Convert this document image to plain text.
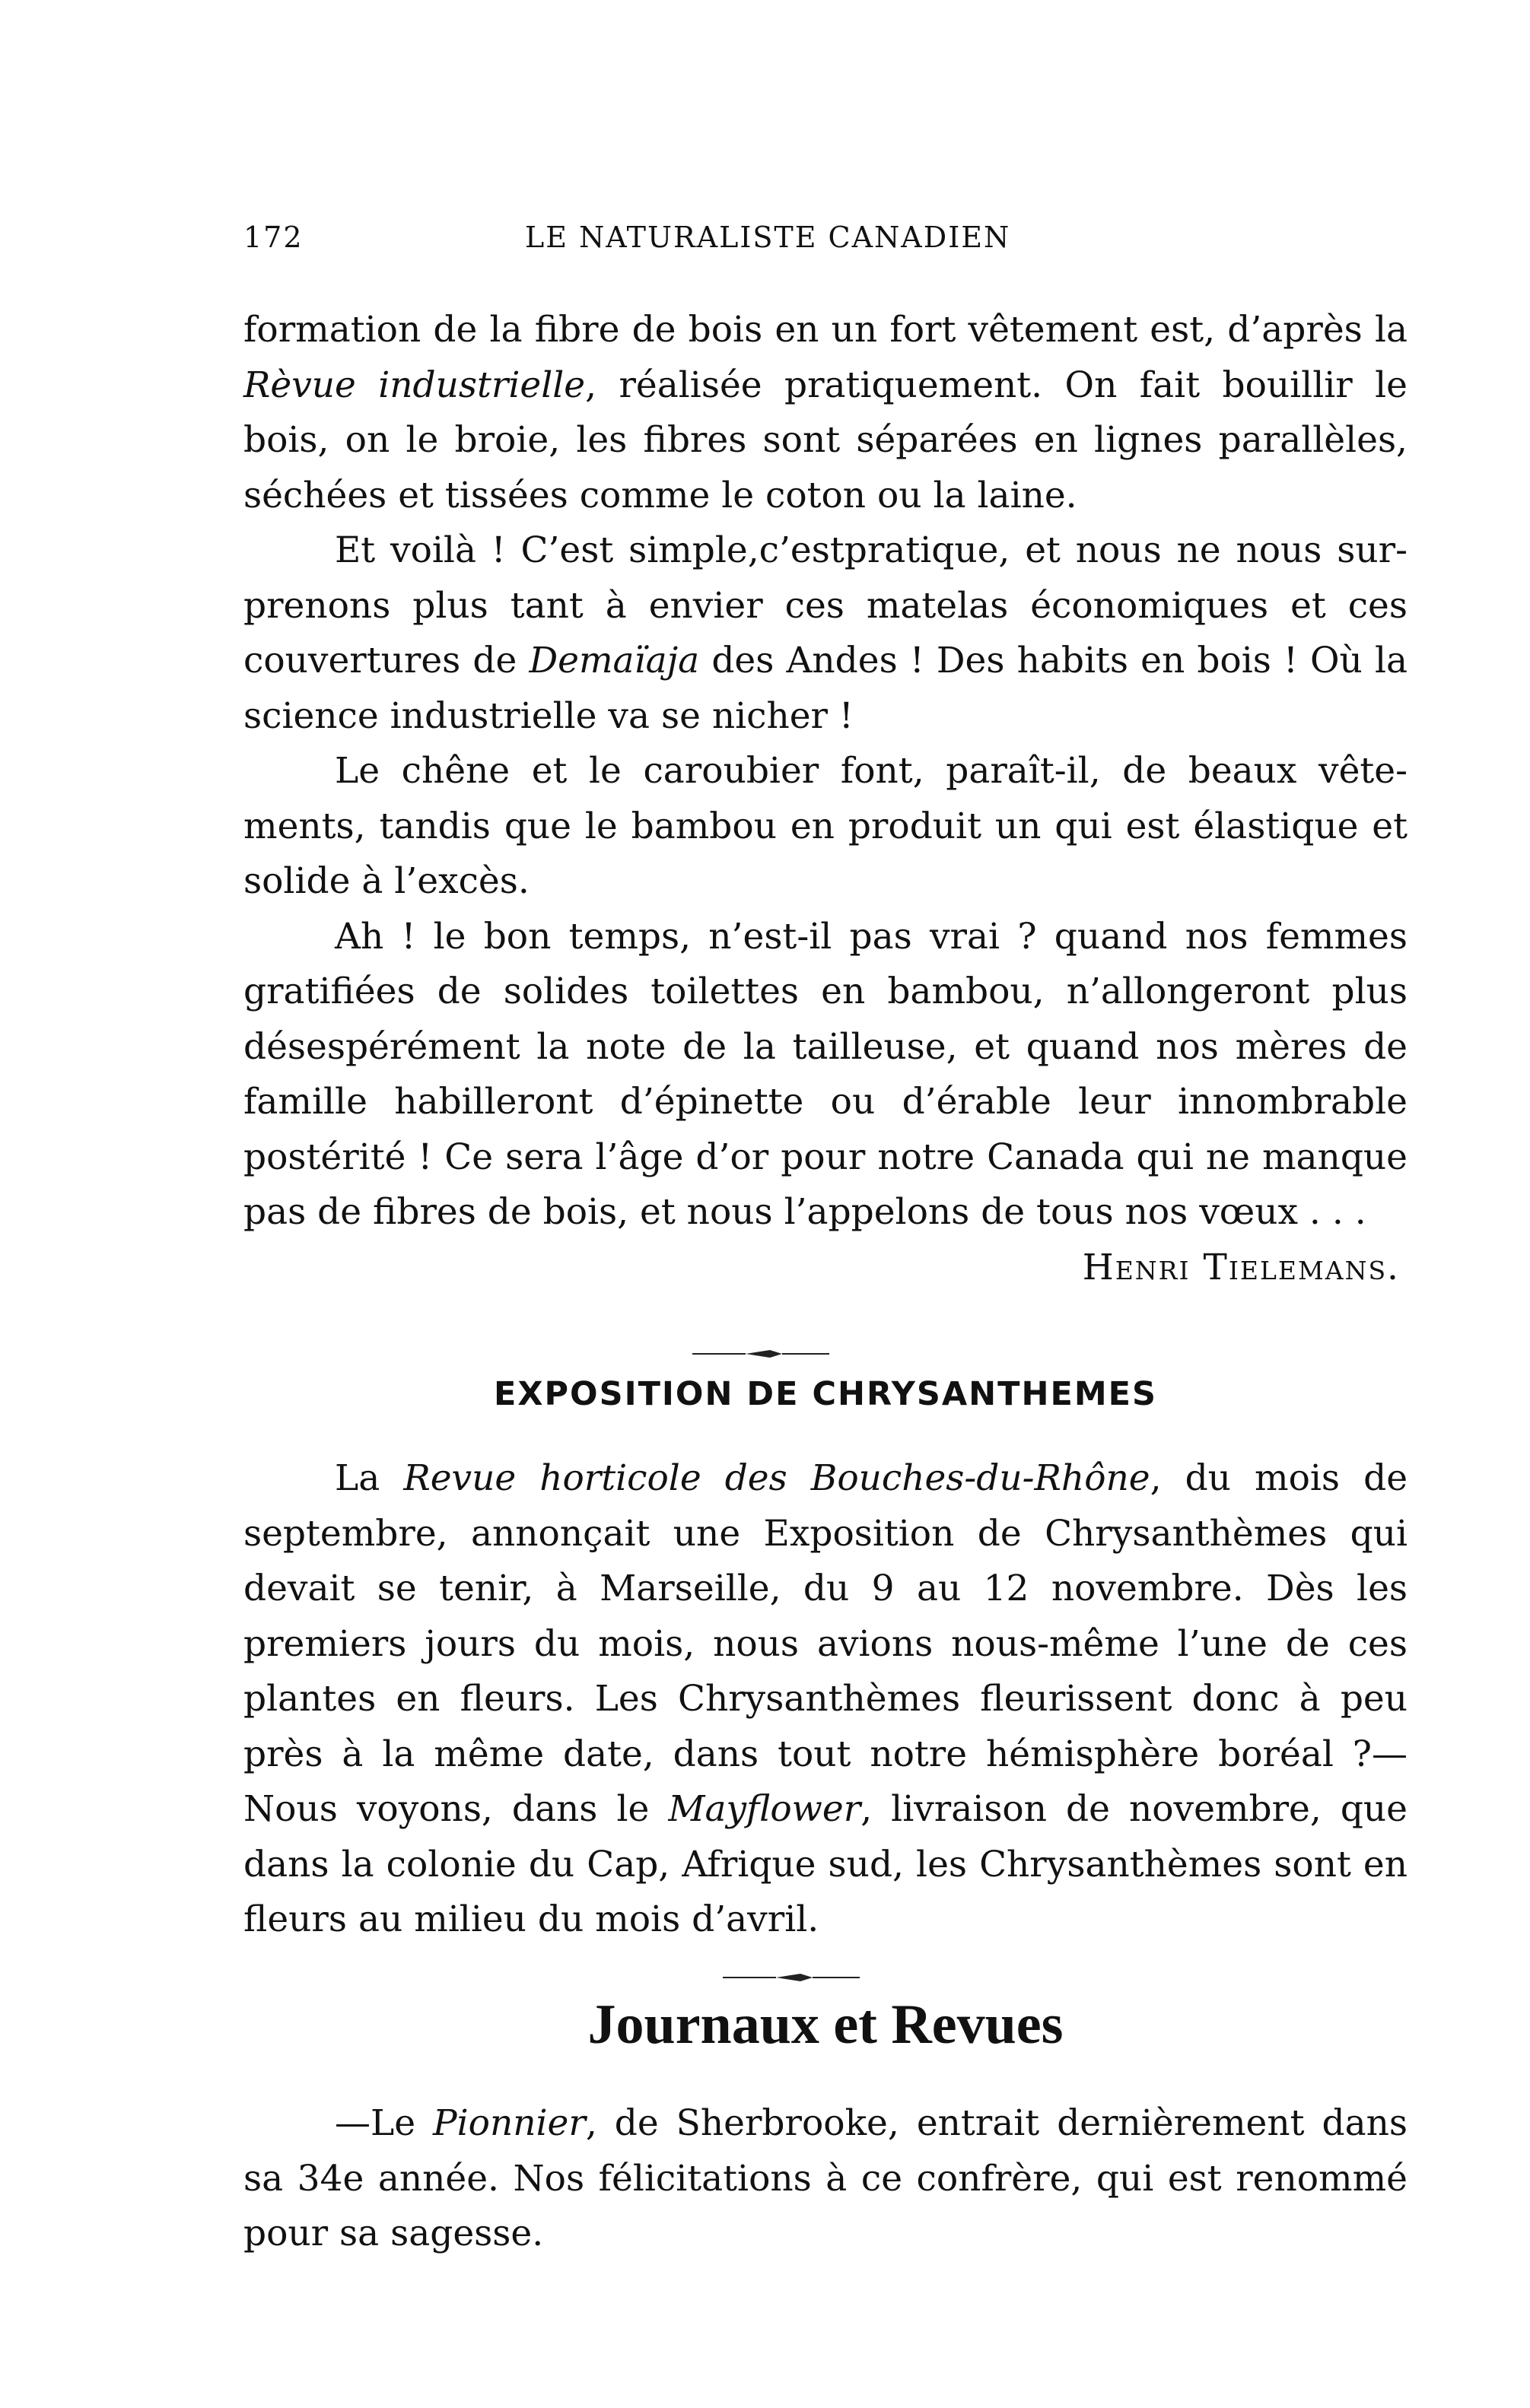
172	LE NATURALISTE CANADIEN

formation de la fibre de bois en un fort vêtement est, d’après la Rèvue industrielle, réalisée pratiquement. On fait bouillir le bois, on le broie, les fibres sont séparées en lignes parallèles, séchées et tissées comme le coton ou la laine.

Et voilà ! C’est simple,c’estpratique, et nous ne nous surprenons plus tant à envier ces matelas économiques et ces couvertures de Demaïaja des Andes ! Des habits en bois ! Où la science industrielle va se nicher !

Le chêne et le caroubier font, paraît-il, de beaux vêtements, tandis que le bambou en produit un qui est élastique et solide à l’excès.

Ah ! le bon temps, n’est-il pas vrai ? quand nos femmes gratifiées de solides toilettes en bambou, n’allongeront plus désespérément la note de la tailleuse, et quand nos mères de famille habilleront d’épinette ou d’érable leur innombrable postérité ! Ce sera l’âge d’or pour notre Canada qui ne manque pas de fibres de bois, et nous l’appelons de tous nos vœux . . .

Henri Tielemans.

EXPOSITION DE CHRYSANTHEMES

La Revue horticole des Bouches-du-Rhône, du mois de septembre, annonçait une Exposition de Chrysanthèmes qui devait se tenir, à Marseille, du 9 au 12 novembre. Dès les premiers jours du mois, nous avions nous-même l’une de ces plantes en fleurs. Les Chrysanthèmes fleurissent donc à peu près à la même date, dans tout notre hémisphère boréal ?—Nous voyons, dans le Mayflower, livraison de novembre, que dans la colonie du Cap, Afrique sud, les Chrysanthèmes sont en fleurs au milieu du mois d’avril.

Journaux et Revues

—Le Pionnier, de Sherbrooke, entrait dernièrement dans sa 34e année. Nos félicitations à ce confrère, qui est renommé pour sa sagesse.
